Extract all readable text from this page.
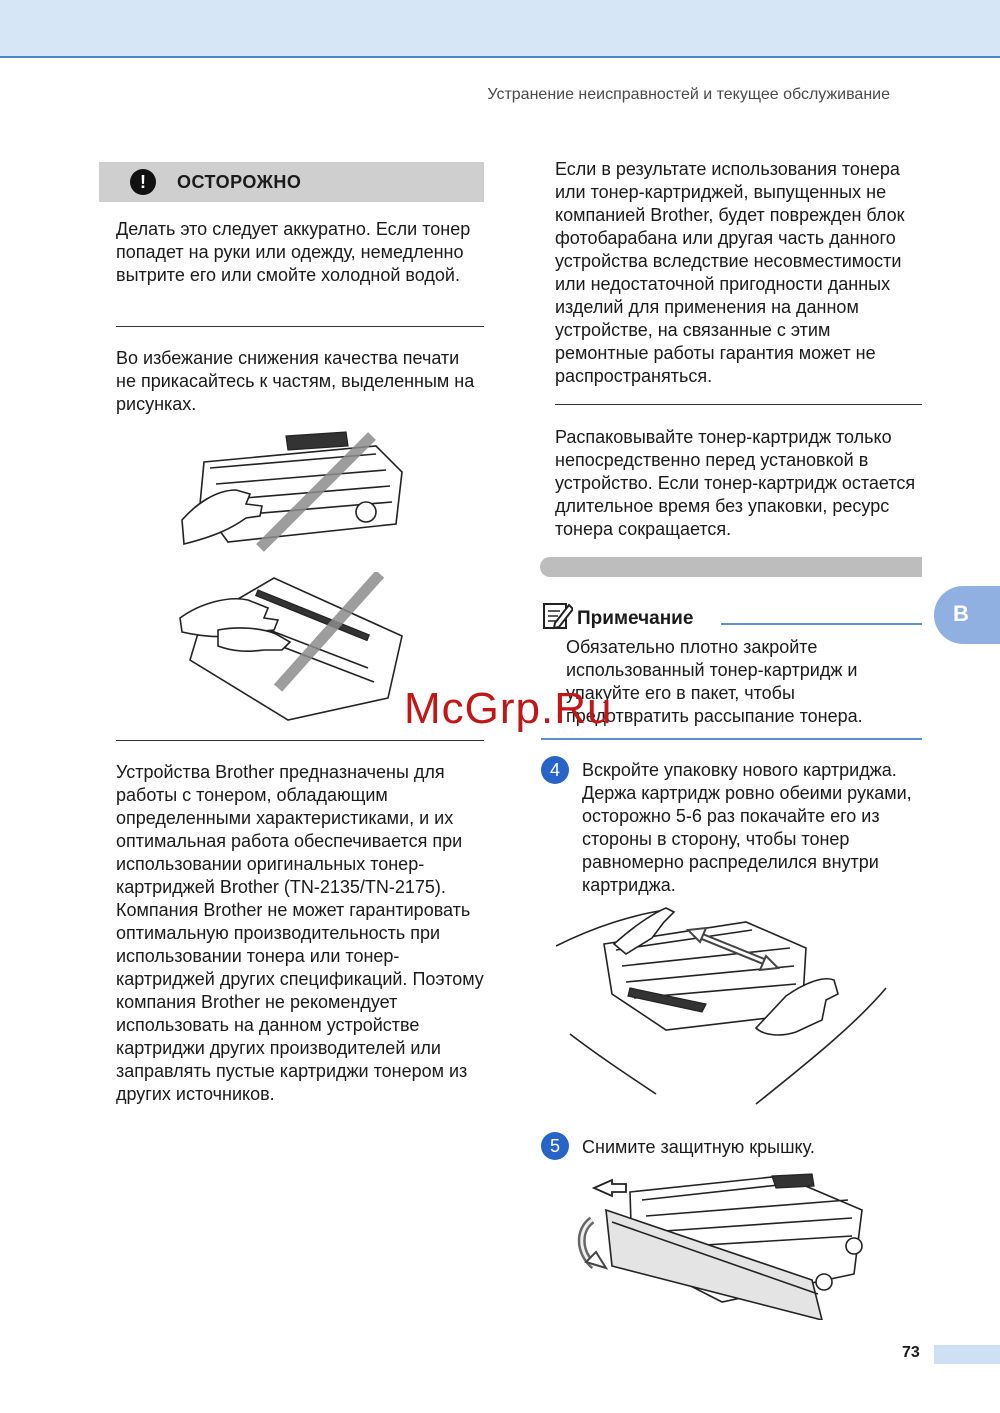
Устранение неисправностей и текущее обслуживание
!	ОСТОРОЖНО
Делать это следует аккуратно. Если тонер попадет на руки или одежду, немедленно вытрите его или смойте холодной водой.
Во избежание снижения качества печати не прикасайтесь к частям, выделенным на рисунках.
Устройства Brother предназначены для работы с тонером, обладающим определенными характеристиками, и их оптимальная работа обеспечивается при использовании оригинальных тонер-картриджей Brother (TN-2135/TN-2175). Компания Brother не может гарантировать оптимальную производительность при использовании тонера или тонер-картриджей других спецификаций. Поэтому компания Brother не рекомендует использовать на данном устройстве картриджи других производителей или заправлять пустые картриджи тонером из других источников.
Если в результате использования тонера или тонер-картриджей, выпущенных не компанией Brother, будет поврежден блок фотобарабана или другая часть данного устройства вследствие несовместимости или недостаточной пригодности данных изделий для применения на данном устройстве, на связанные с этим ремонтные работы гарантия может не распространяться.
Распаковывайте тонер-картридж только непосредственно перед установкой в устройство. Если тонер-картридж остается длительное время без упаковки, ресурс тонера сокращается.
Примечание
Обязательно плотно закройте использованный тонер-картридж и упакуйте его в пакет, чтобы предотвратить рассыпание тонера.
4	Вскройте упаковку нового картриджа. Держа картридж ровно обеими руками, осторожно 5-6 раз покачайте его из стороны в сторону, чтобы тонер равномерно распределился внутри картриджа.
5	Снимите защитную крышку.
B
73
McGrp.Ru
